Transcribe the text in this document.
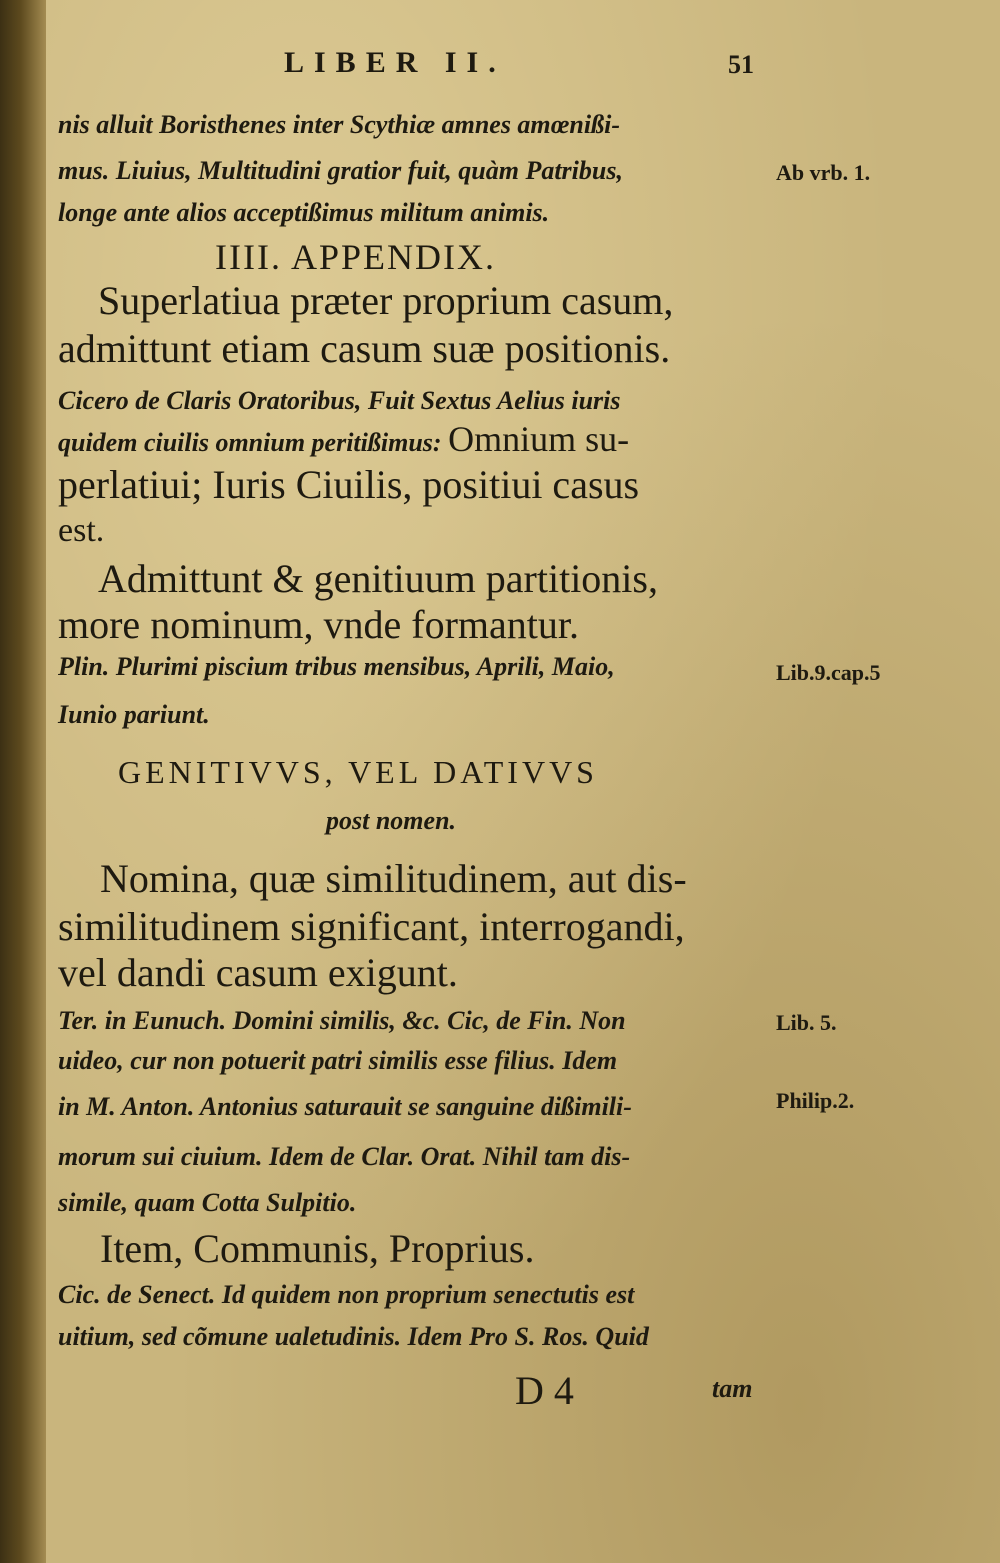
LIBER II.	51
nis alluit Boristhenes inter Scythiæ amnes amœnißi-
mus. Liuius, Multitudini gratior fuit, quàm Patribus,
longe ante alios acceptißimus militum animis.
Ab vrb. 1.
IIII. APPENDIX.
Superlatiua præter proprium casum,
admittunt etiam casum suæ positionis.
Cicero de Claris Oratoribus, Fuit Sextus Aelius iuris
quidem ciuilis omnium peritißimus: Omnium su-
perlatiui; Iuris Ciuilis, positiui casus
est.
Admittunt & genitiuum partitionis,
more nominum, vnde formantur.
Plin. Plurimi piscium tribus mensibus, Aprili, Maio,
Iunio pariunt.
Lib.9.cap.5
GENITIVVS, VEL DATIVVS
post nomen.
Nomina, quæ similitudinem, aut dis-
similitudinem significant, interrogandi,
vel dandi casum exigunt.
Ter. in Eunuch. Domini similis, &c. Cic, de Fin. Non
uideo, cur non potuerit patri similis esse filius. Idem
in M. Anton. Antonius saturauit se sanguine dißimili-
morum sui ciuium. Idem de Clar. Orat. Nihil tam dis-
simile, quam Cotta Sulpitio.
Lib. 5.
Philip.2.
Item, Communis, Proprius.
Cic. de Senect. Id quidem non proprium senectutis est
uitium, sed cõmune ualetudinis. Idem Pro S. Ros. Quid
D 4	tam
